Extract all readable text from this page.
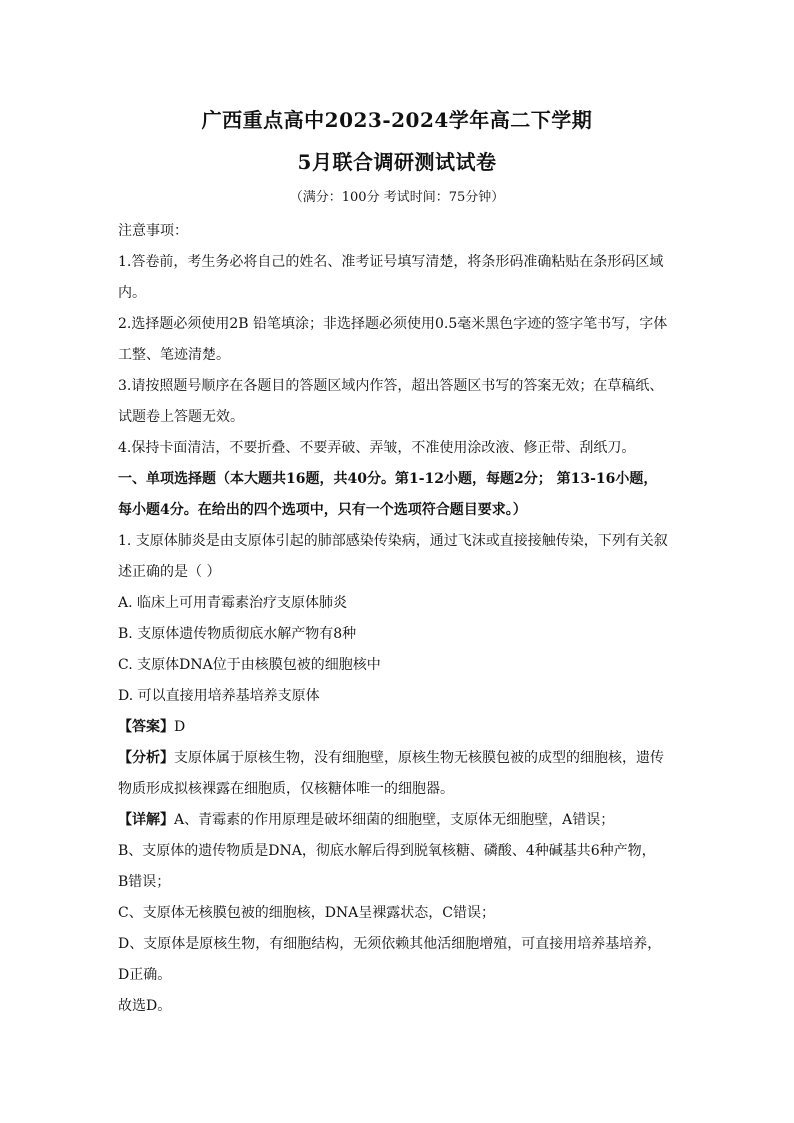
广西重点高中2023-2024学年高二下学期
5月联合调研测试试卷
（满分：100分 考试时间：75分钟）
注意事项：
1.答卷前，考生务必将自己的姓名、准考证号填写清楚，将条形码准确粘贴在条形码区域
内。
2.选择题必须使用2B 铅笔填涂；非选择题必须使用0.5毫米黑色字迹的签字笔书写，字体
工整、笔迹清楚。
3.请按照题号顺序在各题目的答题区域内作答，超出答题区书写的答案无效；在草稿纸、
试题卷上答题无效。
4.保持卡面清洁，不要折叠、不要弄破、弄皱，不准使用涂改液、修正带、刮纸刀。
一、单项选择题（本大题共16题，共40分。第1-12小题，每题2分； 第13-16小题，
每小题4分。在给出的四个选项中，只有一个选项符合题目要求。）
1. 支原体肺炎是由支原体引起的肺部感染传染病，通过飞沫或直接接触传染，下列有关叙
述正确的是（ ）
A. 临床上可用青霉素治疗支原体肺炎
B. 支原体遗传物质彻底水解产物有8种
C. 支原体DNA位于由核膜包被的细胞核中
D. 可以直接用培养基培养支原体
【答案】D
【分析】支原体属于原核生物，没有细胞壁，原核生物无核膜包被的成型的细胞核，遗传
物质形成拟核裸露在细胞质，仅核糖体唯一的细胞器。
【详解】A、青霉素的作用原理是破坏细菌的细胞壁，支原体无细胞壁，A错误；
B、支原体的遗传物质是DNA，彻底水解后得到脱氧核糖、磷酸、4种碱基共6种产物，
B错误；
C、支原体无核膜包被的细胞核，DNA呈裸露状态，C错误；
D、支原体是原核生物，有细胞结构，无须依赖其他活细胞增殖，可直接用培养基培养，
D正确。
故选D。
